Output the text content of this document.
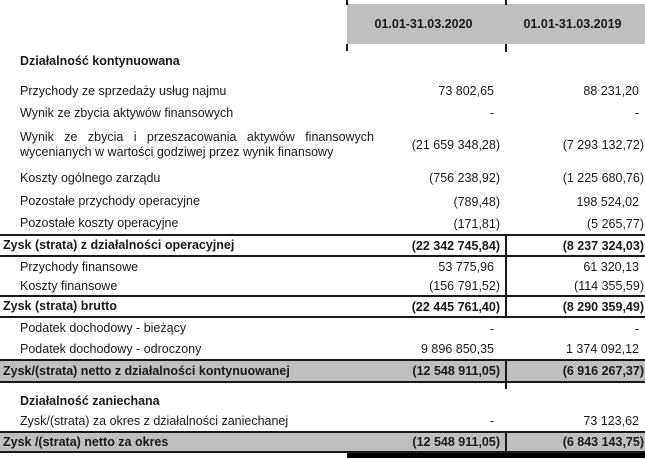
01.01-31.03.2020	01.01-31.03.2019
Działalność kontynuowana
Przychody ze sprzedaży usług najmu	73 802,65	88 231,20
Wynik ze zbycia aktywów finansowych	-	-
Wynik ze zbycia i przeszacowania aktywów finansowych
wycenianych w wartości godziwej przez wynik finansowy	(21 659 348,28)	(7 293 132,72)
Koszty ogólnego zarządu	(756 238,92)	(1 225 680,76)
Pozostałe przychody operacyjne	(789,48)	198 524,02
Pozostałe koszty operacyjne	(171,81)	(5 265,77)
Zysk (strata) z działalności operacyjnej	(22 342 745,84)	(8 237 324,03)
Przychody finansowe	53 775,96	61 320,13
Koszty finansowe	(156 791,52)	(114 355,59)
Zysk (strata) brutto	(22 445 761,40)	(8 290 359,49)
Podatek dochodowy - bieżący	-	-
Podatek dochodowy - odroczony	9 896 850,35	1 374 092,12
Zysk/(strata) netto z działalności kontynuowanej	(12 548 911,05)	(6 916 267,37)
Działalność zaniechana
Zysk/(strata) za okres z działalności zaniechanej	-	73 123,62
Zysk /(strata) netto za okres	(12 548 911,05)	(6 843 143,75)
